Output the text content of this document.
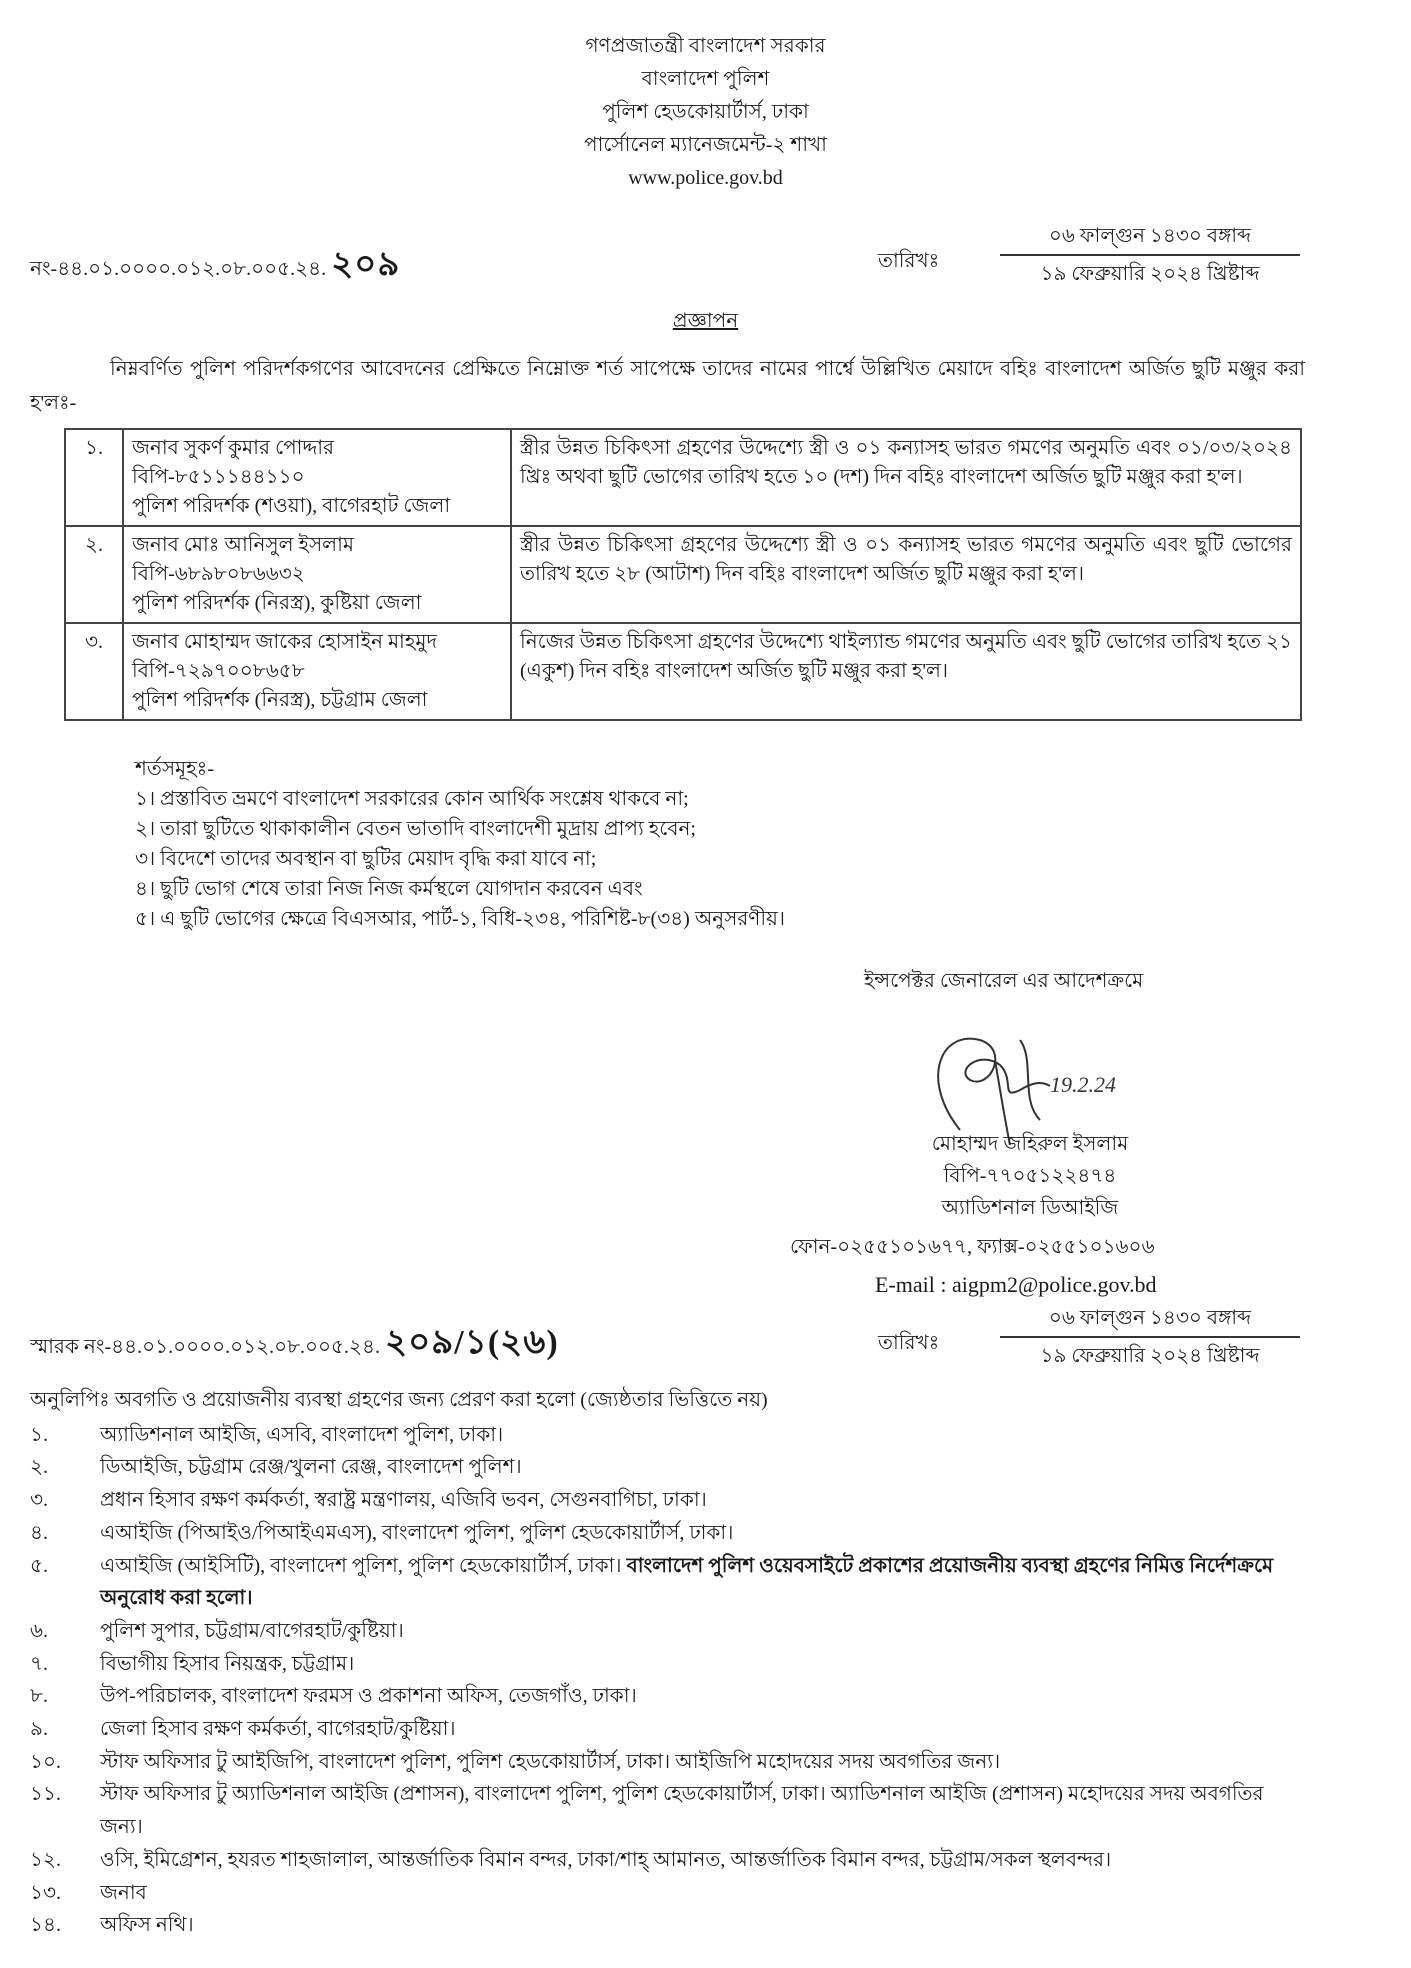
গণপ্রজাতন্ত্রী বাংলাদেশ সরকার
বাংলাদেশ পুলিশ
পুলিশ হেডকোয়ার্টার্স, ঢাকা
পার্সোনেল ম্যানেজমেন্ট-২ শাখা
www.police.gov.bd
নং-৪৪.০১.০০০০.০১২.০৮.০০৫.২৪. ২০৯	তারিখঃ
০৬ ফাল্গুন ১৪৩০ বঙ্গাব্দ
১৯ ফেব্রুয়ারি ২০২৪ খ্রিষ্টাব্দ
প্রজ্ঞাপন
নিম্নবর্ণিত পুলিশ পরিদর্শকগণের আবেদনের প্রেক্ষিতে নিম্নোক্ত শর্ত সাপেক্ষে তাদের নামের পার্শ্বে উল্লিখিত মেয়াদে বহিঃ বাংলাদেশ অর্জিত ছুটি মঞ্জুর করা হ'লঃ-
১.	জনাব সুকর্ণ কুমার পোদ্দার
বিপি-৮৫১১১৪৪১১০
পুলিশ পরিদর্শক (শওয়া), বাগেরহাট জেলা	স্ত্রীর উন্নত চিকিৎসা গ্রহণের উদ্দেশ্যে স্ত্রী ও ০১ কন্যাসহ ভারত গমণের অনুমতি এবং ০১/০৩/২০২৪ খ্রিঃ অথবা ছুটি ভোগের তারিখ হতে ১০ (দশ) দিন বহিঃ বাংলাদেশ অর্জিত ছুটি মঞ্জুর করা হ'ল।
২.	জনাব মোঃ আনিসুল ইসলাম
বিপি-৬৮৯৮০৮৬৬৩২
পুলিশ পরিদর্শক (নিরস্ত্র), কুষ্টিয়া জেলা	স্ত্রীর উন্নত চিকিৎসা গ্রহণের উদ্দেশ্যে স্ত্রী ও ০১ কন্যাসহ ভারত গমণের অনুমতি এবং ছুটি ভোগের তারিখ হতে ২৮ (আটাশ) দিন বহিঃ বাংলাদেশ অর্জিত ছুটি মঞ্জুর করা হ'ল।
৩.	জনাব মোহাম্মদ জাকের হোসাইন মাহমুদ
বিপি-৭২৯৭০০৮৬৫৮
পুলিশ পরিদর্শক (নিরস্ত্র), চট্টগ্রাম জেলা	নিজের উন্নত চিকিৎসা গ্রহণের উদ্দেশ্যে থাইল্যান্ড গমণের অনুমতি এবং ছুটি ভোগের তারিখ হতে ২১ (একুশ) দিন বহিঃ বাংলাদেশ অর্জিত ছুটি মঞ্জুর করা হ'ল।
শর্তসমূহঃ-
১। প্রস্তাবিত ভ্রমণে বাংলাদেশ সরকারের কোন আর্থিক সংশ্লেষ থাকবে না;
২। তারা ছুটিতে থাকাকালীন বেতন ভাতাদি বাংলাদেশী মুদ্রায় প্রাপ্য হবেন;
৩। বিদেশে তাদের অবস্থান বা ছুটির মেয়াদ বৃদ্ধি করা যাবে না;
৪। ছুটি ভোগ শেষে তারা নিজ নিজ কর্মস্থলে যোগদান করবেন এবং
৫। এ ছুটি ভোগের ক্ষেত্রে বিএসআর, পার্ট-১, বিধি-২৩৪, পরিশিষ্ট-৮(৩৪) অনুসরণীয়।
ইন্সপেক্টর জেনারেল এর আদেশক্রমে
19.2.24
মোহাম্মদ জহিরুল ইসলাম
বিপি-৭৭০৫১২২৪৭৪
অ্যাডিশনাল ডিআইজি
ফোন-০২৫৫১০১৬৭৭, ফ্যাক্স-০২৫৫১০১৬০৬
E-mail : aigpm2@police.gov.bd
স্মারক নং-৪৪.০১.০০০০.০১২.০৮.০০৫.২৪. ২০৯/১(২৬)	তারিখঃ
০৬ ফাল্গুন ১৪৩০ বঙ্গাব্দ
১৯ ফেব্রুয়ারি ২০২৪ খ্রিষ্টাব্দ
অনুলিপিঃ অবগতি ও প্রয়োজনীয় ব্যবস্থা গ্রহণের জন্য প্রেরণ করা হলো (জ্যেষ্ঠতার ভিত্তিতে নয়)
১.	অ্যাডিশনাল আইজি, এসবি, বাংলাদেশ পুলিশ, ঢাকা।
২.	ডিআইজি, চট্টগ্রাম রেঞ্জ/খুলনা রেঞ্জ, বাংলাদেশ পুলিশ।
৩.	প্রধান হিসাব রক্ষণ কর্মকর্তা, স্বরাষ্ট্র মন্ত্রণালয়, এজিবি ভবন, সেগুনবাগিচা, ঢাকা।
৪.	এআইজি (পিআইও/পিআইএমএস), বাংলাদেশ পুলিশ, পুলিশ হেডকোয়ার্টার্স, ঢাকা।
৫.	এআইজি (আইসিটি), বাংলাদেশ পুলিশ, পুলিশ হেডকোয়ার্টার্স, ঢাকা। বাংলাদেশ পুলিশ ওয়েবসাইটে প্রকাশের প্রয়োজনীয় ব্যবস্থা গ্রহণের নিমিত্ত নির্দেশক্রমে অনুরোধ করা হলো।
৬.	পুলিশ সুপার, চট্টগ্রাম/বাগেরহাট/কুষ্টিয়া।
৭.	বিভাগীয় হিসাব নিয়ন্ত্রক, চট্টগ্রাম।
৮.	উপ-পরিচালক, বাংলাদেশ ফরমস ও প্রকাশনা অফিস, তেজগাঁও, ঢাকা।
৯.	জেলা হিসাব রক্ষণ কর্মকর্তা, বাগেরহাট/কুষ্টিয়া।
১০.	স্টাফ অফিসার টু আইজিপি, বাংলাদেশ পুলিশ, পুলিশ হেডকোয়ার্টার্স, ঢাকা। আইজিপি মহোদয়ের সদয় অবগতির জন্য।
১১.	স্টাফ অফিসার টু অ্যাডিশনাল আইজি (প্রশাসন), বাংলাদেশ পুলিশ, পুলিশ হেডকোয়ার্টার্স, ঢাকা। অ্যাডিশনাল আইজি (প্রশাসন) মহোদয়ের সদয় অবগতির জন্য।
১২.	ওসি, ইমিগ্রেশন, হযরত শাহজালাল, আন্তর্জাতিক বিমান বন্দর, ঢাকা/শাহ্ আমানত, আন্তর্জাতিক বিমান বন্দর, চট্টগ্রাম/সকল স্থলবন্দর।
১৩.	জনাব
১৪.	অফিস নথি।
